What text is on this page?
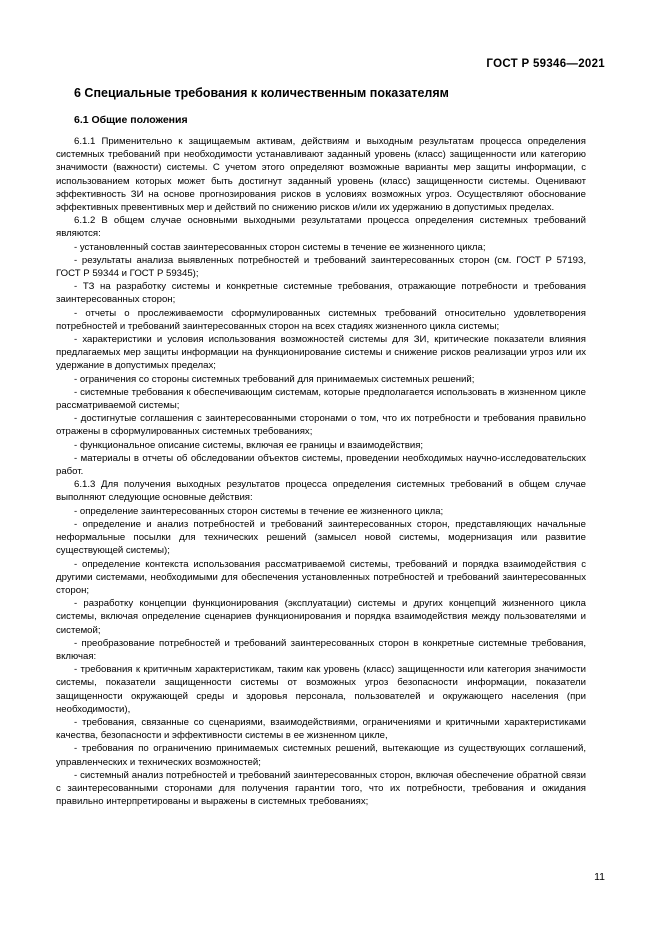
ГОСТ Р 59346—2021
6 Специальные требования к количественным показателям
6.1 Общие положения

6.1.1 Применительно к защищаемым активам, действиям и выходным результатам процесса определения системных требований при необходимости устанавливают заданный уровень (класс) защищенности или категорию значимости (важности) системы. С учетом этого определяют возможные варианты мер защиты информации, с использованием которых может быть достигнут заданный уровень (класс) защищенности системы. Оценивают эффективность ЗИ на основе прогнозирования рисков в условиях возможных угроз. Осуществляют обоснование эффективных превентивных мер и действий по снижению рисков и/или их удержанию в допустимых пределах.

6.1.2 В общем случае основными выходными результатами процесса определения системных требований являются:

- установленный состав заинтересованных сторон системы в течение ее жизненного цикла;

- результаты анализа выявленных потребностей и требований заинтересованных сторон (см. ГОСТ Р 57193, ГОСТ Р 59344 и ГОСТ Р 59345);

- ТЗ на разработку системы и конкретные системные требования, отражающие потребности и требования заинтересованных сторон;

- отчеты о прослеживаемости сформулированных системных требований относительно удовлетворения потребностей и требований заинтересованных сторон на всех стадиях жизненного цикла системы;

- характеристики и условия использования возможностей системы для ЗИ, критические показатели влияния предлагаемых мер защиты информации на функционирование системы и снижение рисков реализации угроз или их удержание в допустимых пределах;

- ограничения со стороны системных требований для принимаемых системных решений;

- системные требования к обеспечивающим системам, которые предполагается использовать в жизненном цикле рассматриваемой системы;

- достигнутые соглашения с заинтересованными сторонами о том, что их потребности и требования правильно отражены в сформулированных системных требованиях;

- функциональное описание системы, включая ее границы и взаимодействия;

- материалы в отчеты об обследовании объектов системы, проведении необходимых научно-исследовательских работ.

6.1.3 Для получения выходных результатов процесса определения системных требований в общем случае выполняют следующие основные действия:

- определение заинтересованных сторон системы в течение ее жизненного цикла;

- определение и анализ потребностей и требований заинтересованных сторон, представляющих начальные неформальные посылки для технических решений (замысел новой системы, модернизация или развитие существующей системы);

- определение контекста использования рассматриваемой системы, требований и порядка взаимодействия с другими системами, необходимыми для обеспечения установленных потребностей и требований заинтересованных сторон;

- разработку концепции функционирования (эксплуатации) системы и других концепций жизненного цикла системы, включая определение сценариев функционирования и порядка взаимодействия между пользователями и системой;

- преобразование потребностей и требований заинтересованных сторон в конкретные системные требования, включая:

- требования к критичным характеристикам, таким как уровень (класс) защищенности или категория значимости системы, показатели защищенности системы от возможных угроз безопасности информации, показатели защищенности окружающей среды и здоровья персонала, пользователей и окружающего населения (при необходимости),

- требования, связанные со сценариями, взаимодействиями, ограничениями и критичными характеристиками качества, безопасности и эффективности системы в ее жизненном цикле,

- требования по ограничению принимаемых системных решений, вытекающие из существующих соглашений, управленческих и технических возможностей;

- системный анализ потребностей и требований заинтересованных сторон, включая обеспечение обратной связи с заинтересованными сторонами для получения гарантии того, что их потребности, требования и ожидания правильно интерпретированы и выражены в системных требованиях;

11
